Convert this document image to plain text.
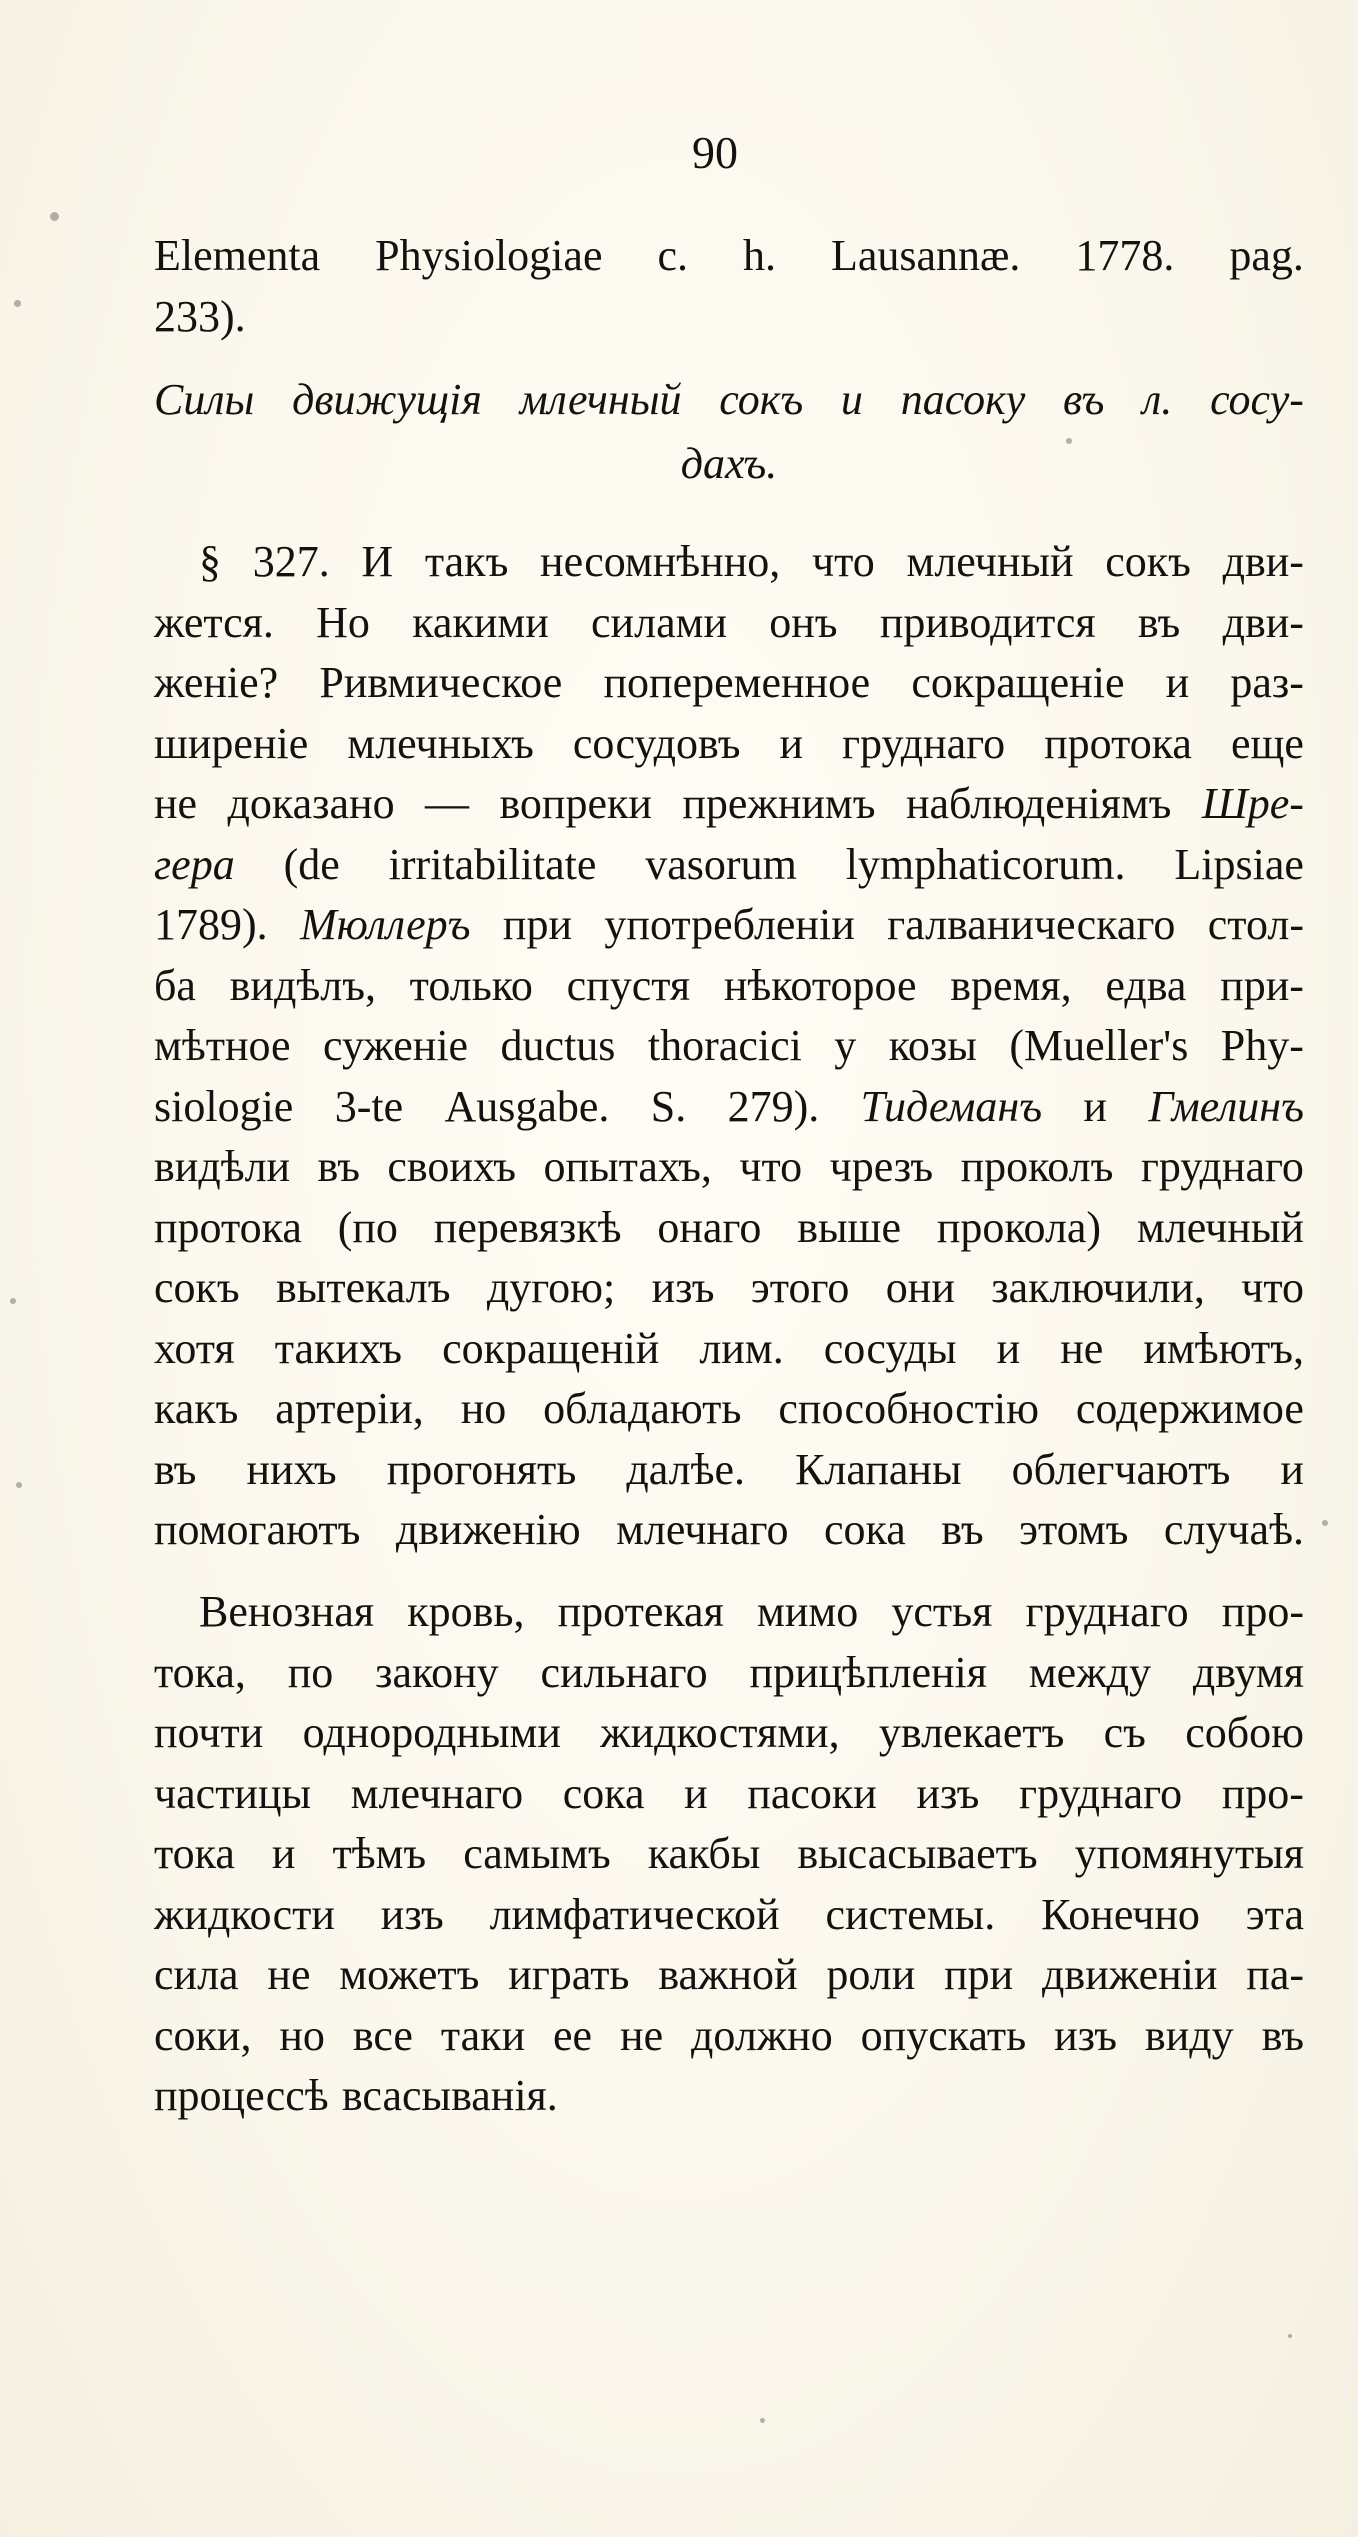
90
Elementa Physiologiae c. h. Lausannæ. 1778. pag.
233).
Силы движущія млечный сокъ и пасоку въ л. сосу-
дахъ.
§ 327. И такъ несомнѣнно, что млечный сокъ дви-
жется. Но какими силами онъ приводится въ дви-
женіе? Ривмическое попеременное сокращеніе и раз-
ширеніе млечныхъ сосудовъ и груднаго протока еще
не доказано — вопреки прежнимъ наблюденіямъ Шре-
гера (de irritabilitate vasorum lymphaticorum. Lipsiae
1789). Мюллеръ при употребленіи галваническаго стол-
ба видѣлъ, только спустя нѣкоторое время, едва при-
мѣтное суженіе ductus thoracici у козы (Mueller's Phy-
siologie 3-te Ausgabe. S. 279). Тидеманъ и Гмелинъ
видѣли въ своихъ опытахъ, что чрезъ проколъ груднаго
протока (по перевязкѣ онаго выше прокола) млечный
сокъ вытекалъ дугою; изъ этого они заключили, что
хотя такихъ сокращеній лим. сосуды и не имѣютъ,
какъ артеріи, но обладають способностію содержимое
въ нихъ прогонять далѣе. Клапаны облегчаютъ и
помогаютъ движенію млечнаго сока въ этомъ случаѣ.
Венозная кровь, протекая мимо устья груднаго про-
тока, по закону сильнаго прицѣпленія между двумя
почти однородными жидкостями, увлекаетъ съ собою
частицы млечнаго сока и пасоки изъ груднаго про-
тока и тѣмъ самымъ какбы высасываетъ упомянутыя
жидкости изъ лимфатической системы. Конечно эта
сила не можетъ играть важной роли при движеніи па-
соки, но все таки ее не должно опускать изъ виду въ
процессѣ всасыванія.
